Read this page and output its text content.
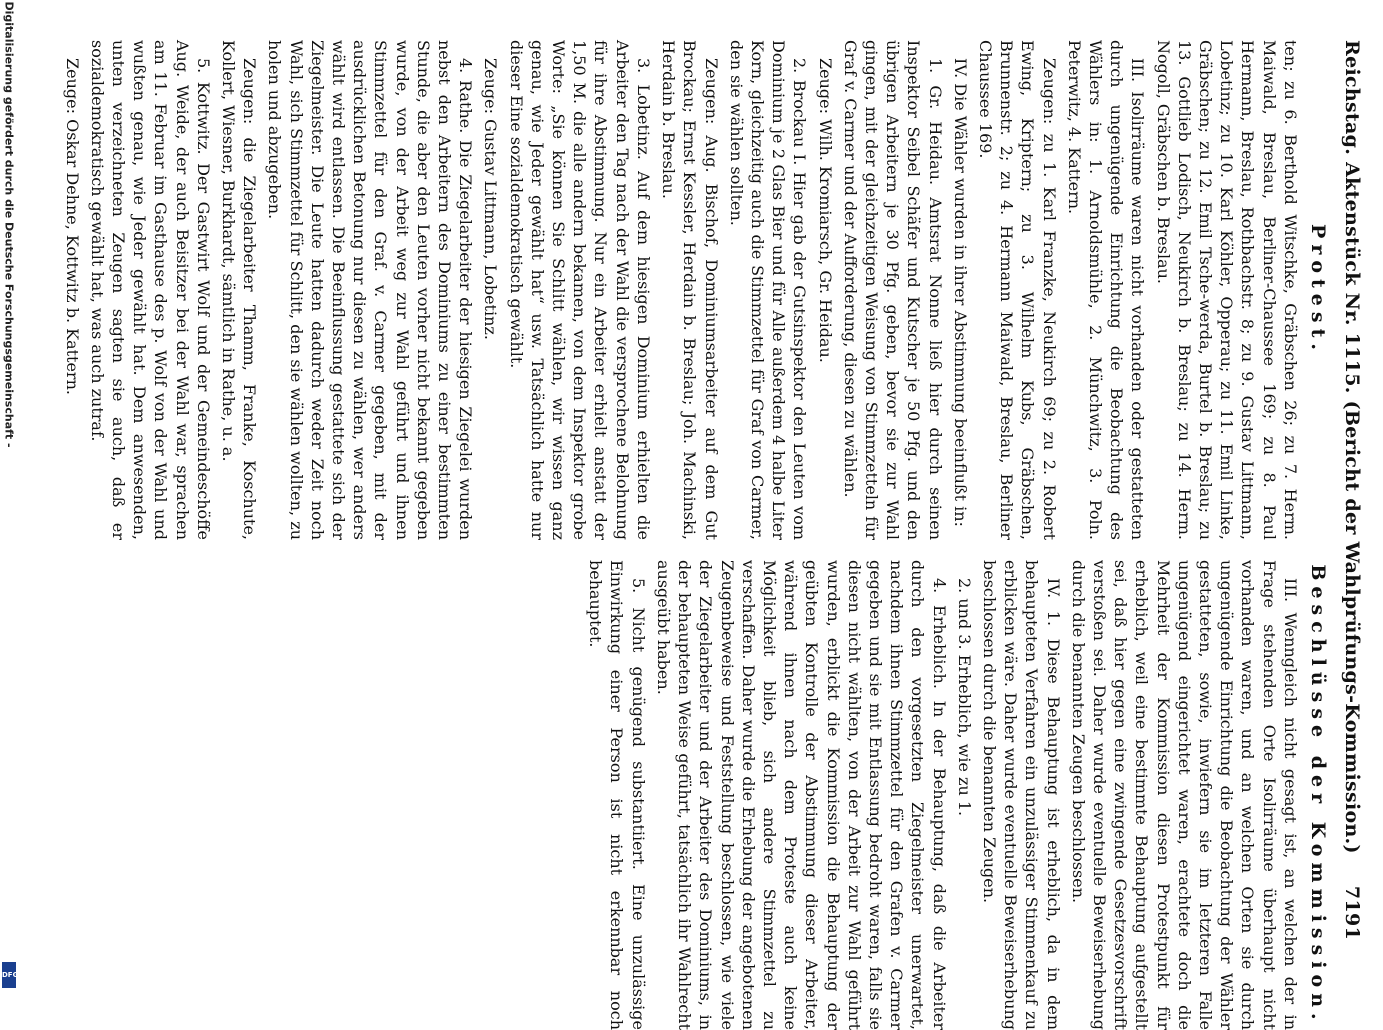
Reichstag. Aktenstück Nr. 1115. (Bericht der Wahlprüfungs-Kommission.)
7191
Protest.

ten; zu 6. Berthold Witschke, Gräbschen 26; zu 7. Herm. Maiwald, Breslau, Berliner-Chaussee 169; zu 8. Paul Hermann, Breslau, Rothbachstr. 8; zu 9. Gustav Littmann, Lobetinz; zu 10. Karl Köhler, Opperau; zu 11. Emil Linke, Gräbschen; zu 12. Emil Tsche-werda, Burtel b. Breslau; zu 13. Gottlieb Lodisch, Neukirch b. Breslau; zu 14. Herm. Nogoll, Gräbschen b. Breslau.

III. Isolirräume waren nicht vorhanden oder gestatteten durch ungenügende Einrichtung die Beobachtung des Wählers in: 1. Arnoldsmühle, 2. Münchwitz, 3. Poln. Peterwitz, 4. Kattern.

Zeugen: zu 1. Karl Franzke, Neukirch 69; zu 2. Robert Ewing, Kriptern; zu 3. Wilhelm Kubs, Gräbschen, Brunnenstr. 2; zu 4. Hermann Maiwald, Breslau, Berliner Chaussee 169.

IV. Die Wähler wurden in ihrer Abstimmung beeinflußt in:

1. Gr. Heidau. Amtsrat Nonne ließ hier durch seinen Inspektor Seibel Schäfer und Kutscher je 50 Pfg. und den übrigen Arbeitern je 30 Pfg. geben, bevor sie zur Wahl gingen, mit der gleichzeitigen Weisung von Stimmzetteln für Graf v. Carmer und der Aufforderung, diesen zu wählen.

Zeuge: Wilh. Kromiarsch, Gr. Heidau.

2. Brockau I. Hier gab der Gutsinspektor den Leuten vom Dominium je 2 Glas Bier und für Alle außerdem 4 halbe Liter Korn, gleichzeitig auch die Stimmzettel für Graf von Carmer, den sie wählen sollten.

Zeugen: Aug. Bischof, Dominiumsarbeiter auf dem Gut Brockau; Ernst Kessler, Herdain b. Breslau; Joh. Machinski, Herdain b. Breslau.

3. Lobetinz. Auf dem hiesigen Dominium erhielten die Arbeiter den Tag nach der Wahl die versprochene Belohnung für ihre Abstimmung. Nur ein Arbeiter erhielt anstatt der 1,50 M. die alle andern bekamen, von dem Inspektor grobe Worte: „Sie können Sie Schlitt wählen, wir wissen ganz genau, wie Jeder gewählt hat“ usw. Tatsächlich hatte nur dieser Eine sozialdemokratisch gewählt.

Zeuge: Gustav Littmann, Lobetinz.

4. Rathe. Die Ziegelarbeiter der hiesigen Ziegelei wurden nebst den Arbeitern des Dominiums zu einer bestimmten Stunde, die aber den Leuten vorher nicht bekannt gegeben wurde, von der Arbeit weg zur Wahl geführt und ihnen Stimmzettel für den Graf. v. Carmer gegeben, mit der ausdrücklichen Betonung nur diesen zu wählen, wer anders wählt wird entlassen. Die Beeinflussung gestattete sich der Ziegelmeister. Die Leute hatten dadurch weder Zeit noch Wahl, sich Stimmzettel für Schlitt, den sie wählen wollten, zu holen und abzugeben.

Zeugen: die Ziegelarbeiter Thamm, Franke, Koschute, Kollert, Wiesner, Burkhardt, sämtlich in Rathe, u. a.

5. Kottwitz. Der Gastwirt Wolf und der Gemeindeschöffe Aug. Weide, der auch Beisitzer bei der Wahl war, sprachen am 11. Februar im Gasthause des p. Wolf von der Wahl und wußten genau, wie Jeder gewählt hat. Dem anwesenden, unten verzeichneten Zeugen sagten sie auch, daß er sozialdemokratisch gewählt hat, was auch zutraf.

Zeuge: Oskar Dehne, Kottwitz b. Kattern.

Beschlüsse der Kommission.

III. Wenngleich nicht gesagt ist, an welchen der in Frage stehenden Orte Isolirräume überhaupt nicht vorhanden waren, und an welchen Orten sie durch ungenügende Einrichtung die Beobachtung der Wähler gestatteten, sowie, inwiefern sie im letzteren Falle ungenügend eingerichtet waren, erachtete doch die Mehrheit der Kommission diesen Protestpunkt für erheblich, weil eine bestimmte Behauptung aufgestellt sei, daß hier gegen eine zwingende Gesetzesvorschrift verstoßen sei. Daher wurde eventuelle Beweiserhebung durch die benannten Zeugen beschlossen.

IV. 1. Diese Behauptung ist erheblich, da in dem behaupteten Verfahren ein unzulässiger Stimmenkauf zu erblicken wäre. Daher wurde eventuelle Beweiserhebung beschlossen durch die benannten Zeugen.

2. und 3. Erheblich, wie zu 1.

4. Erheblich. In der Behauptung, daß die Arbeiter durch den vorgesetzten Ziegelmeister unerwartet, nachdem ihnen Stimmzettel für den Grafen v. Carmer gegeben und sie mit Entlassung bedroht waren, falls sie diesen nicht wählten, von der Arbeit zur Wahl geführt wurden, erblickt die Kommission die Behauptung der geübten Kontrolle der Abstimmung dieser Arbeiter, während ihnen nach dem Proteste auch keine Möglichkeit blieb, sich andere Stimmzettel zu verschaffen. Daher wurde die Erhebung der angebotenen Zeugenbeweise und Feststellung beschlossen, wie viele der Ziegelarbeiter und der Arbeiter des Dominiums, in der behaupteten Weise geführt, tatsächlich ihr Wahlrecht ausgeübt haben.

5. Nicht genügend substantiiert. Eine unzulässige Einwirkung einer Person ist nicht erkennbar noch behauptet.

Digitalisierung gefördert durch die Deutsche Forschungsgemeinschaft -
DFG
